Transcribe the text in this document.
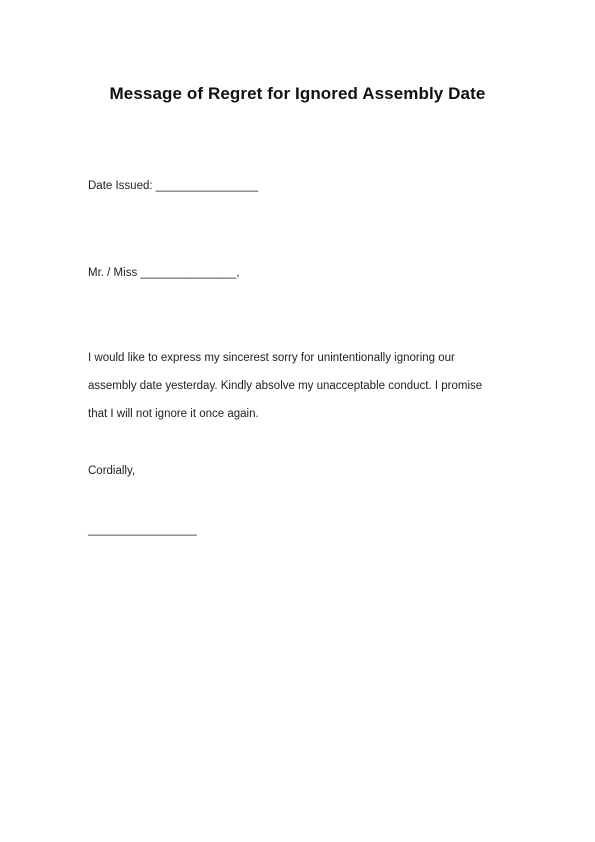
Message of Regret for Ignored Assembly Date
Date Issued: ________________
Mr. / Miss _______________,
I would like to express my sincerest sorry for unintentionally ignoring our
assembly date yesterday. Kindly absolve my unacceptable conduct. I promise
that I will not ignore it once again.
Cordially,
_________________
